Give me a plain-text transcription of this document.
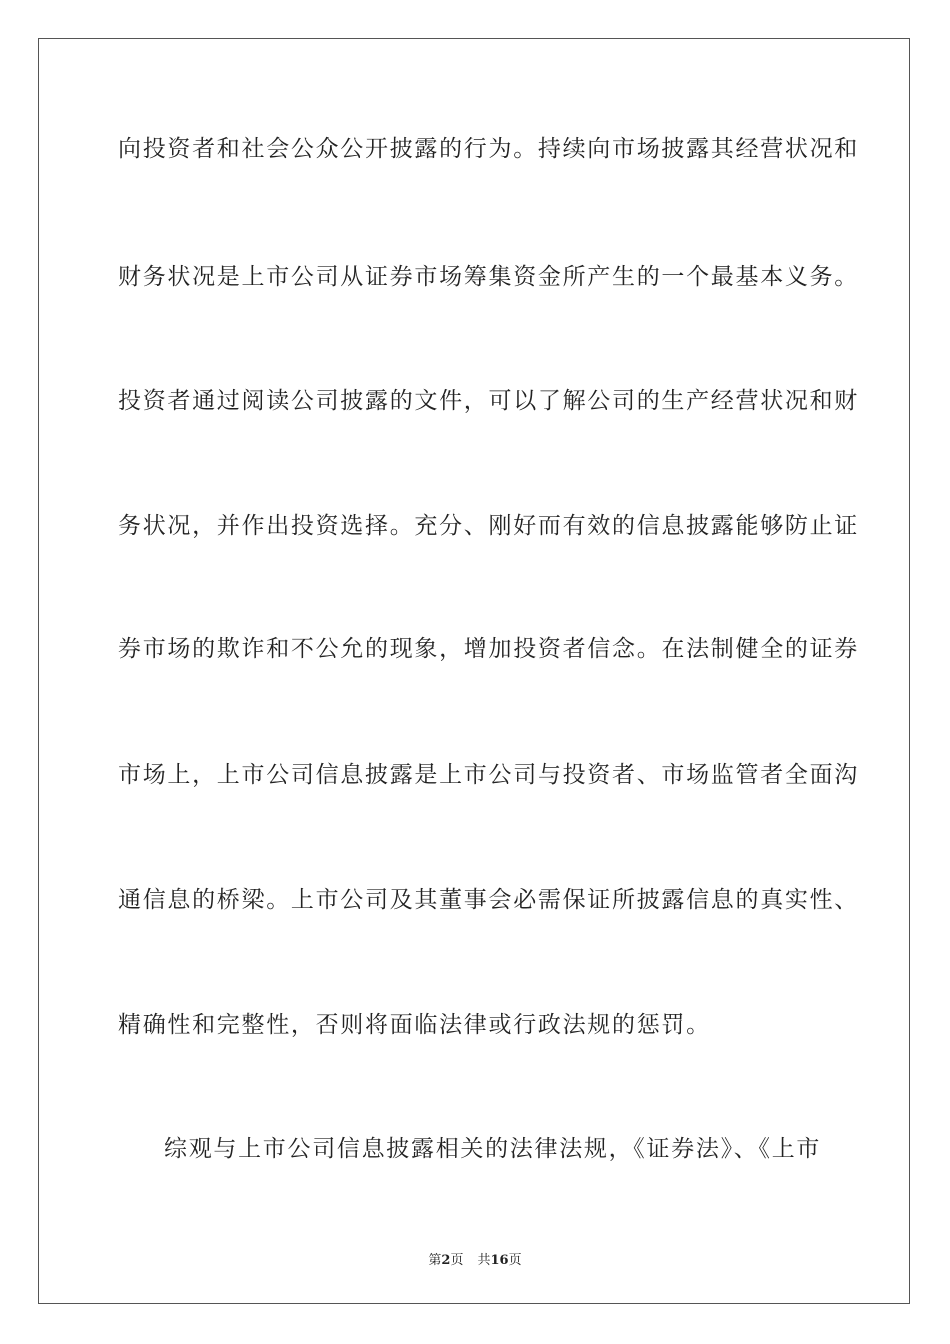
向投资者和社会公众公开披露的行为。持续向市场披露其经营状况和
财务状况是上市公司从证券市场筹集资金所产生的一个最基本义务。
投资者通过阅读公司披露的文件，可以了解公司的生产经营状况和财
务状况，并作出投资选择。充分、刚好而有效的信息披露能够防止证
券市场的欺诈和不公允的现象，增加投资者信念。在法制健全的证券
市场上，上市公司信息披露是上市公司与投资者、市场监管者全面沟
通信息的桥梁。上市公司及其董事会必需保证所披露信息的真实性、
精确性和完整性，否则将面临法律或行政法规的惩罚。
综观与上市公司信息披露相关的法律法规，《证券法》、《上市
第2页 共16页
